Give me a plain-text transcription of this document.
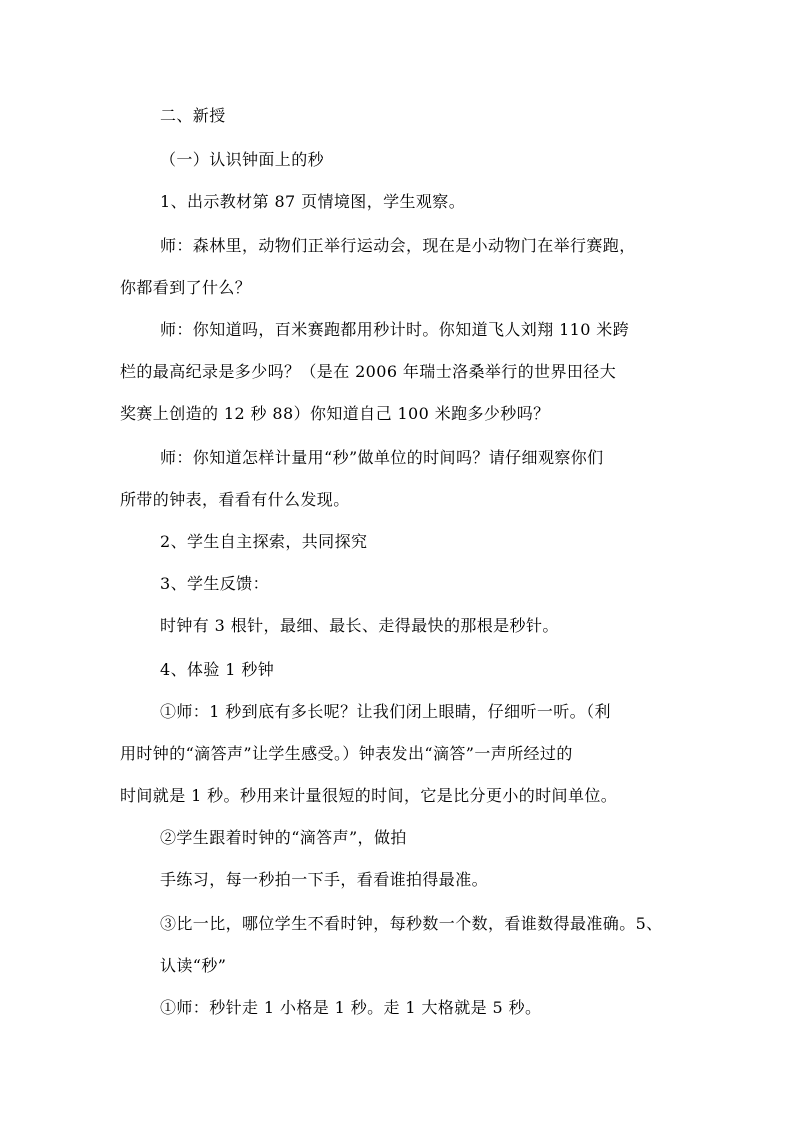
二、新授
（一）认识钟面上的秒
1、出示教材第 87 页情境图，学生观察。
师：森林里，动物们正举行运动会，现在是小动物门在举行赛跑，
你都看到了什么？
师：你知道吗，百米赛跑都用秒计时。你知道飞人刘翔 110 米跨
栏的最高纪录是多少吗？（是在 2006 年瑞士洛桑举行的世界田径大
奖赛上创造的 12 秒 88）你知道自己 100 米跑多少秒吗？
师：你知道怎样计量用“秒”做单位的时间吗？请仔细观察你们
所带的钟表，看看有什么发现。
2、学生自主探索，共同探究
3、学生反馈：
时钟有 3 根针，最细、最长、走得最快的那根是秒针。
4、体验 1 秒钟
①师：1 秒到底有多长呢？让我们闭上眼睛，仔细听一听。（利
用时钟的“滴答声”让学生感受。）钟表发出“滴答”一声所经过的
时间就是 1 秒。秒用来计量很短的时间，它是比分更小的时间单位。
②学生跟着时钟的“滴答声”，做拍
手练习，每一秒拍一下手，看看谁拍得最准。
③比一比，哪位学生不看时钟，每秒数一个数，看谁数得最准确。5、
认读“秒”
①师：秒针走 1 小格是 1 秒。走 1 大格就是 5 秒。
